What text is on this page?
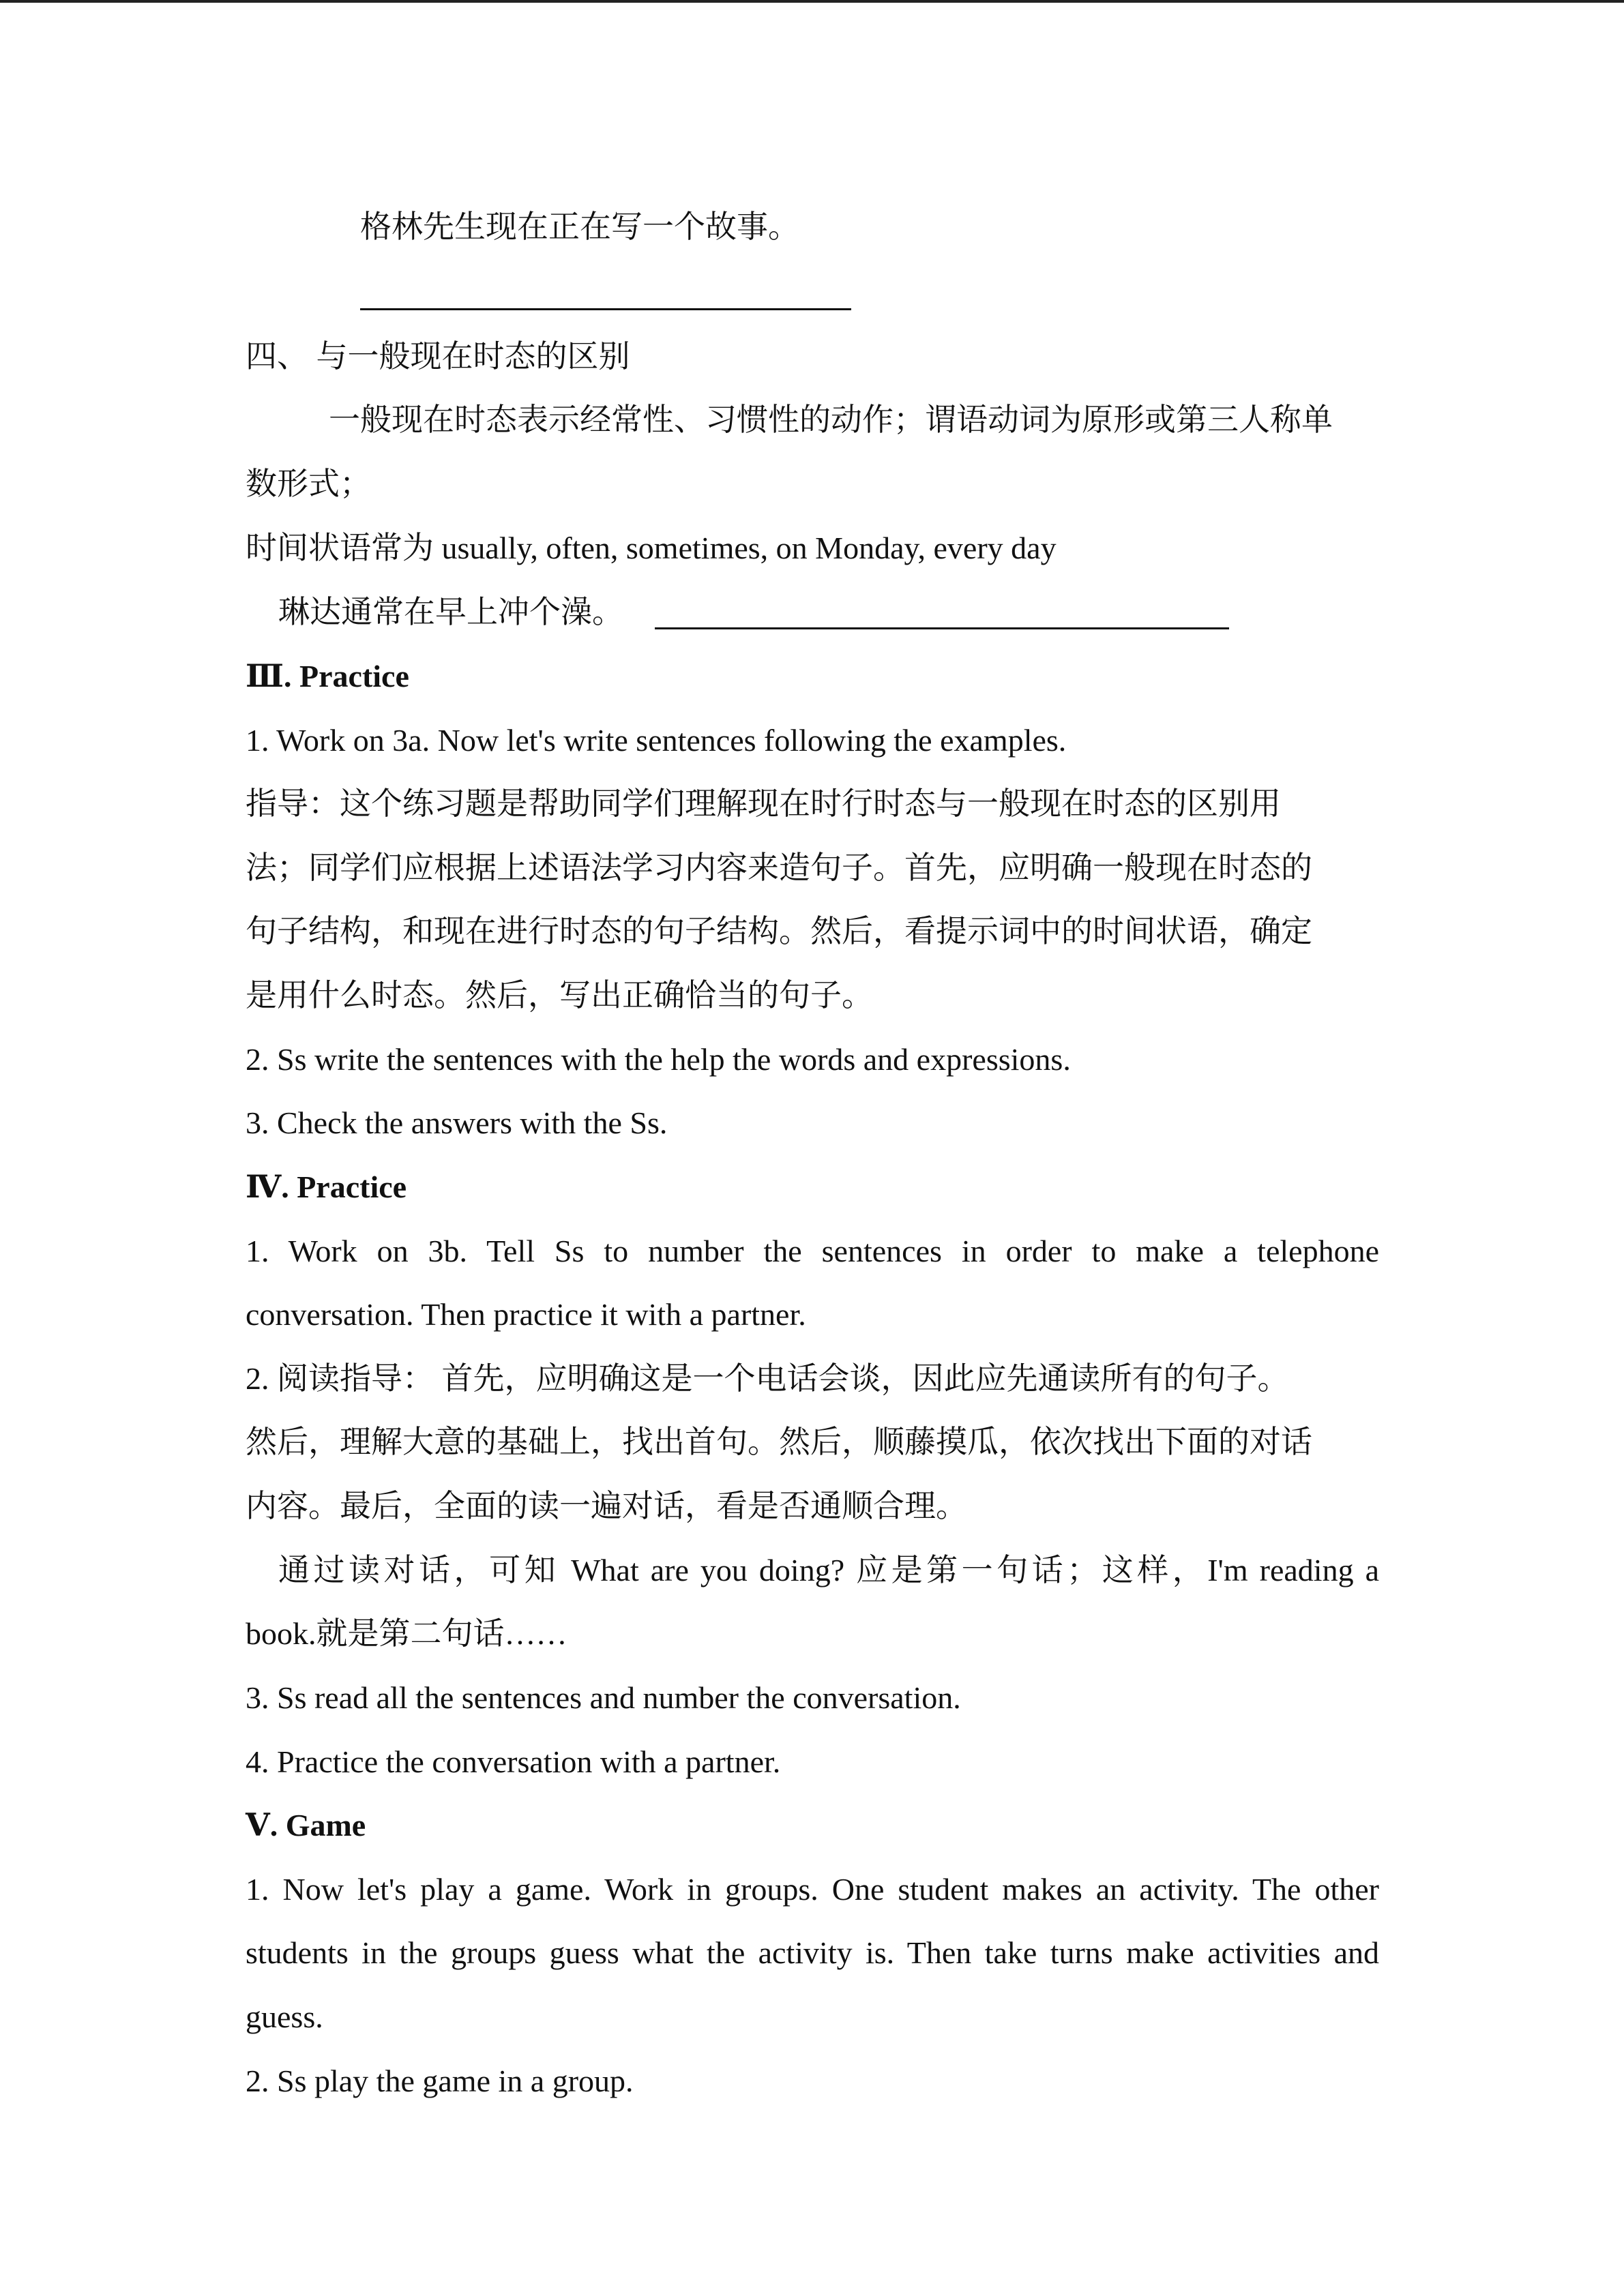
格林先生现在正在写一个故事。
四、 与一般现在时态的区别
一般现在时态表示经常性、习惯性的动作；谓语动词为原形或第三人称单
数形式；
时间状语常为 usually, often, sometimes, on Monday, every day
琳达通常在早上冲个澡。
Ⅲ. Practice
1. Work on 3a. Now let's write sentences following the examples.
指导：这个练习题是帮助同学们理解现在时行时态与一般现在时态的区别用
法；同学们应根据上述语法学习内容来造句子。首先，应明确一般现在时态的
句子结构，和现在进行时态的句子结构。然后，看提示词中的时间状语，确定
是用什么时态。然后，写出正确恰当的句子。
2. Ss write the sentences with the help the words and expressions.
3. Check the answers with the Ss.
Ⅳ. Practice
1. Work on 3b. Tell Ss to number the sentences in order to make a telephone
conversation. Then practice it with a partner.
2. 阅读指导： 首先，应明确这是一个电话会谈，因此应先通读所有的句子。
然后，理解大意的基础上，找出首句。然后，顺藤摸瓜，依次找出下面的对话
内容。最后，全面的读一遍对话，看是否通顺合理。
通过读对话，可知 What are you doing? 应是第一句话；这样，I'm reading a
book.就是第二句话……
3. Ss read all the sentences and number the conversation.
4. Practice the conversation with a partner.
Ⅴ. Game
1. Now let's play a game. Work in groups. One student makes an activity. The other
students in the groups guess what the activity is. Then take turns make activities and
guess.
2. Ss play the game in a group.
